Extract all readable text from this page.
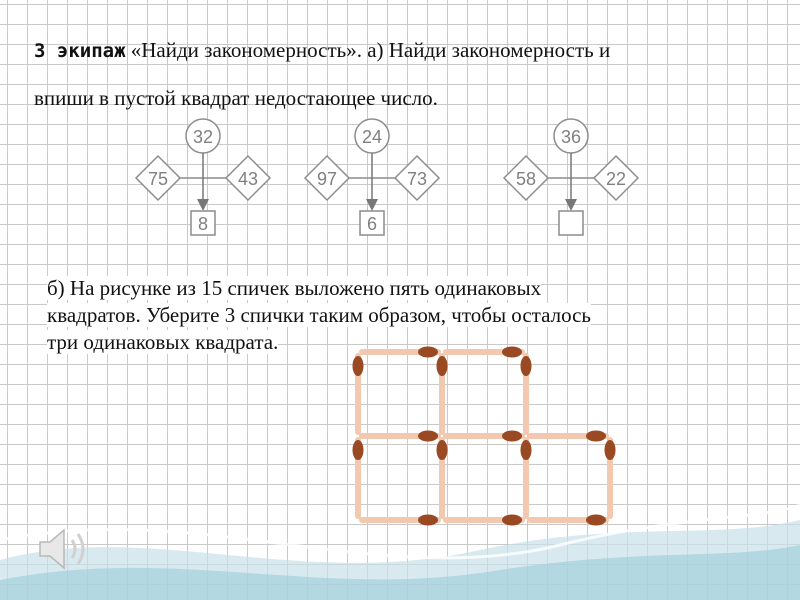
3 экипаж «Найди закономерность». а) Найди закономерность и
впиши в пустой квадрат недостающее число.
32
75	43
8
24
97	73
6
36
58	22
б) На рисунке из 15 спичек выложено пять одинаковых
квадратов. Уберите 3 спички таким образом, чтобы осталось
три одинаковых квадрата.
